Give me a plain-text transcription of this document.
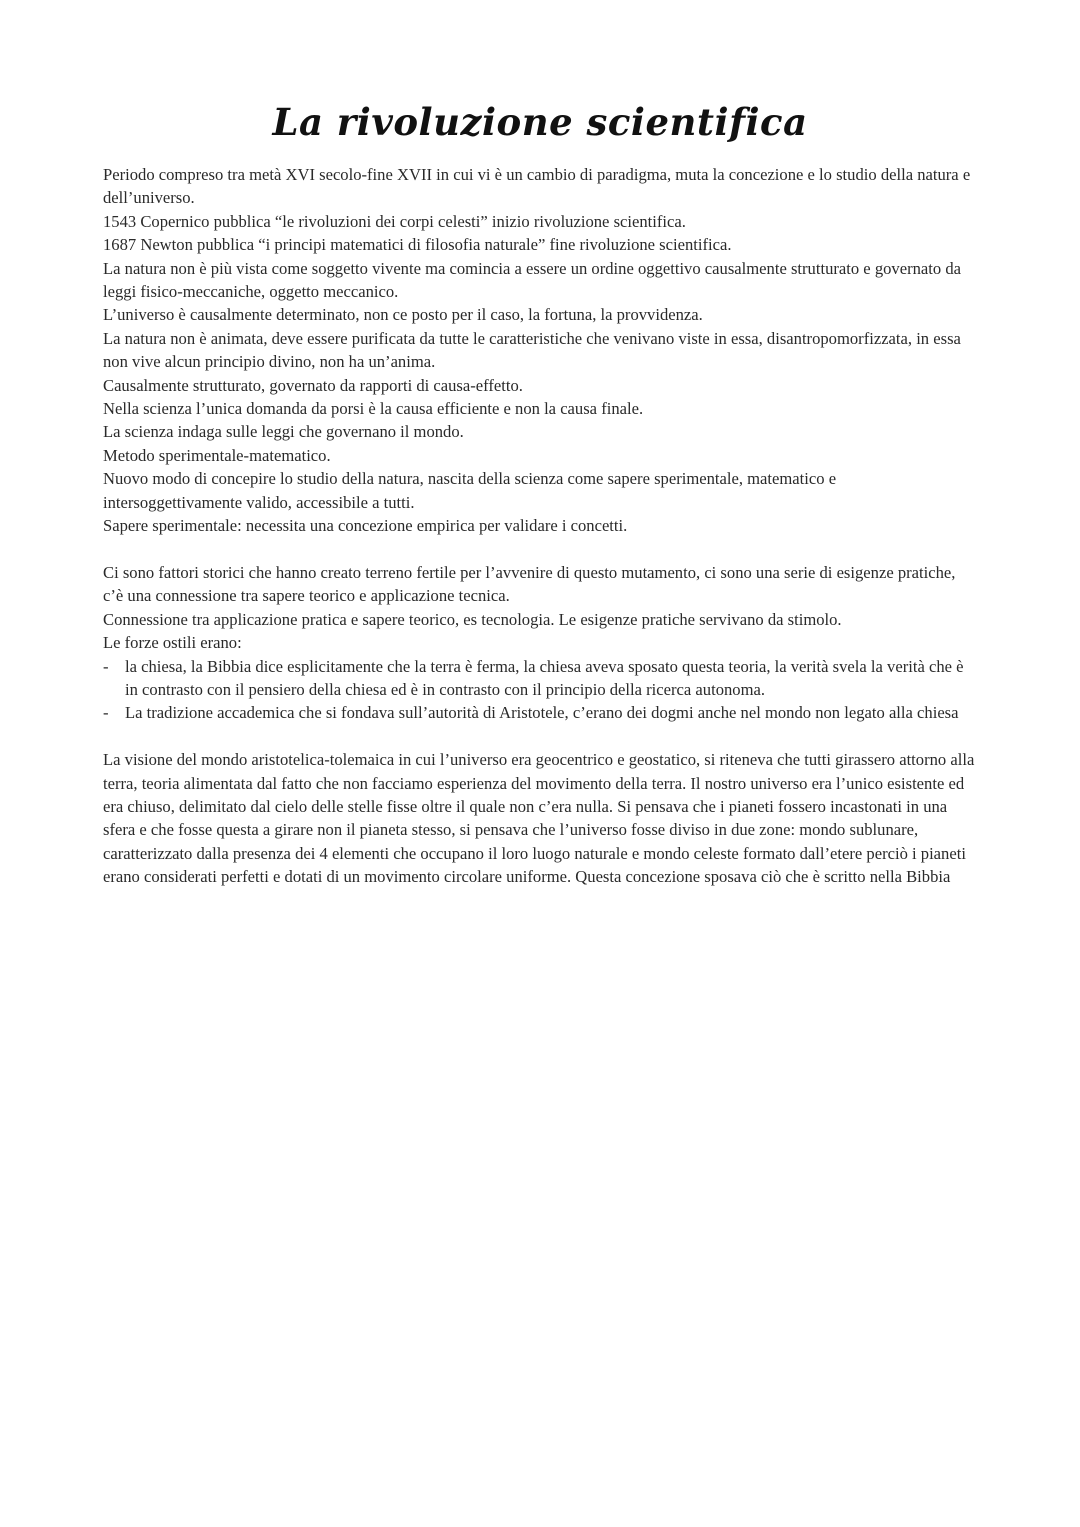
La rivoluzione scientifica

Periodo compreso tra metà XVI secolo-fine XVII in cui vi è un cambio di paradigma, muta la concezione e lo studio della natura e dell’universo.

1543 Copernico pubblica “le rivoluzioni dei corpi celesti” inizio rivoluzione scientifica.

1687 Newton pubblica “i principi matematici di filosofia naturale” fine rivoluzione scientifica.

La natura non è più vista come soggetto vivente ma comincia a essere un ordine oggettivo causalmente strutturato e governato da leggi fisico-meccaniche, oggetto meccanico.

L’universo è causalmente determinato, non ce posto per il caso, la fortuna, la provvidenza.

La natura non è animata, deve essere purificata da tutte le caratteristiche che venivano viste in essa, disantropomorfizzata, in essa non vive alcun principio divino, non ha un’anima.

Causalmente strutturato, governato da rapporti di causa-effetto.

Nella scienza l’unica domanda da porsi è la causa efficiente e non la causa finale.

La scienza indaga sulle leggi che governano il mondo.

Metodo sperimentale-matematico.

Nuovo modo di concepire lo studio della natura, nascita della scienza come sapere sperimentale, matematico e intersoggettivamente valido, accessibile a tutti.

Sapere sperimentale: necessita una concezione empirica per validare i concetti.

Ci sono fattori storici che hanno creato terreno fertile per l’avvenire di questo mutamento, ci sono una serie di esigenze pratiche, c’è una connessione tra sapere teorico e applicazione tecnica.

Connessione tra applicazione pratica e sapere teorico, es tecnologia. Le esigenze pratiche servivano da stimolo.

Le forze ostili erano:

- la chiesa, la Bibbia dice esplicitamente che la terra è ferma, la chiesa aveva sposato questa teoria, la verità svela la verità che è in contrasto con il pensiero della chiesa ed è in contrasto con il principio della ricerca autonoma.
- La tradizione accademica che si fondava sull’autorità di Aristotele, c’erano dei dogmi anche nel mondo non legato alla chiesa

La visione del mondo aristotelica-tolemaica in cui l’universo era geocentrico e geostatico, si riteneva che tutti girassero attorno alla terra, teoria alimentata dal fatto che non facciamo esperienza del movimento della terra. Il nostro universo era l’unico esistente ed era chiuso, delimitato dal cielo delle stelle fisse oltre il quale non c’era nulla. Si pensava che i pianeti fossero incastonati in una sfera e che fosse questa a girare non il pianeta stesso, si pensava che l’universo fosse diviso in due zone: mondo sublunare, caratterizzato dalla presenza dei 4 elementi che occupano il loro luogo naturale e mondo celeste formato dall’etere perciò i pianeti erano considerati perfetti e dotati di un movimento circolare uniforme. Questa concezione sposava ciò che è scritto nella Bibbia
